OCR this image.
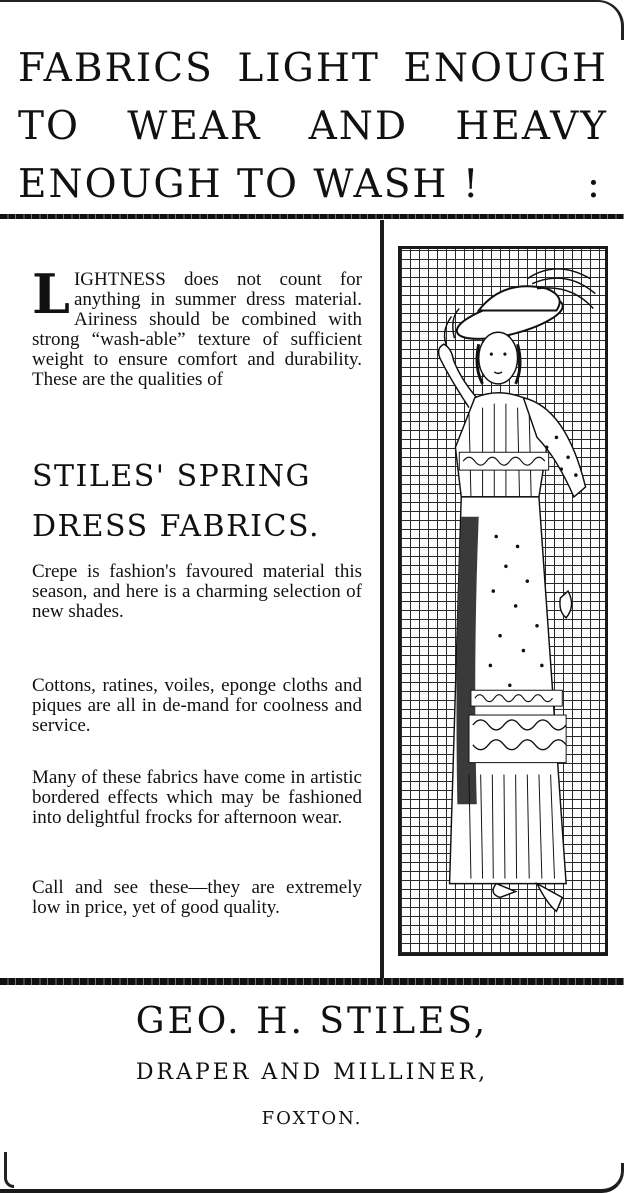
FABRICS LIGHT ENOUGH
TO WEAR AND HEAVY
ENOUGH TO WASH !	:

LIGHTNESS does not count for anything in summer dress material. Airiness should be combined with strong “wash-able” texture of sufficient weight to ensure comfort and durability. These are the qualities of

STILES' SPRING
DRESS FABRICS.

Crepe is fashion's favoured material this season, and here is a charming selection of new shades.

Cottons, ratines, voiles, eponge cloths and piques are all in de-mand for coolness and service.

Many of these fabrics have come in artistic bordered effects which may be fashioned into delightful frocks for afternoon wear.

Call and see these—they are extremely low in price, yet of good quality.

GEO. H. STILES,

DRAPER AND MILLINER,

FOXTON.
